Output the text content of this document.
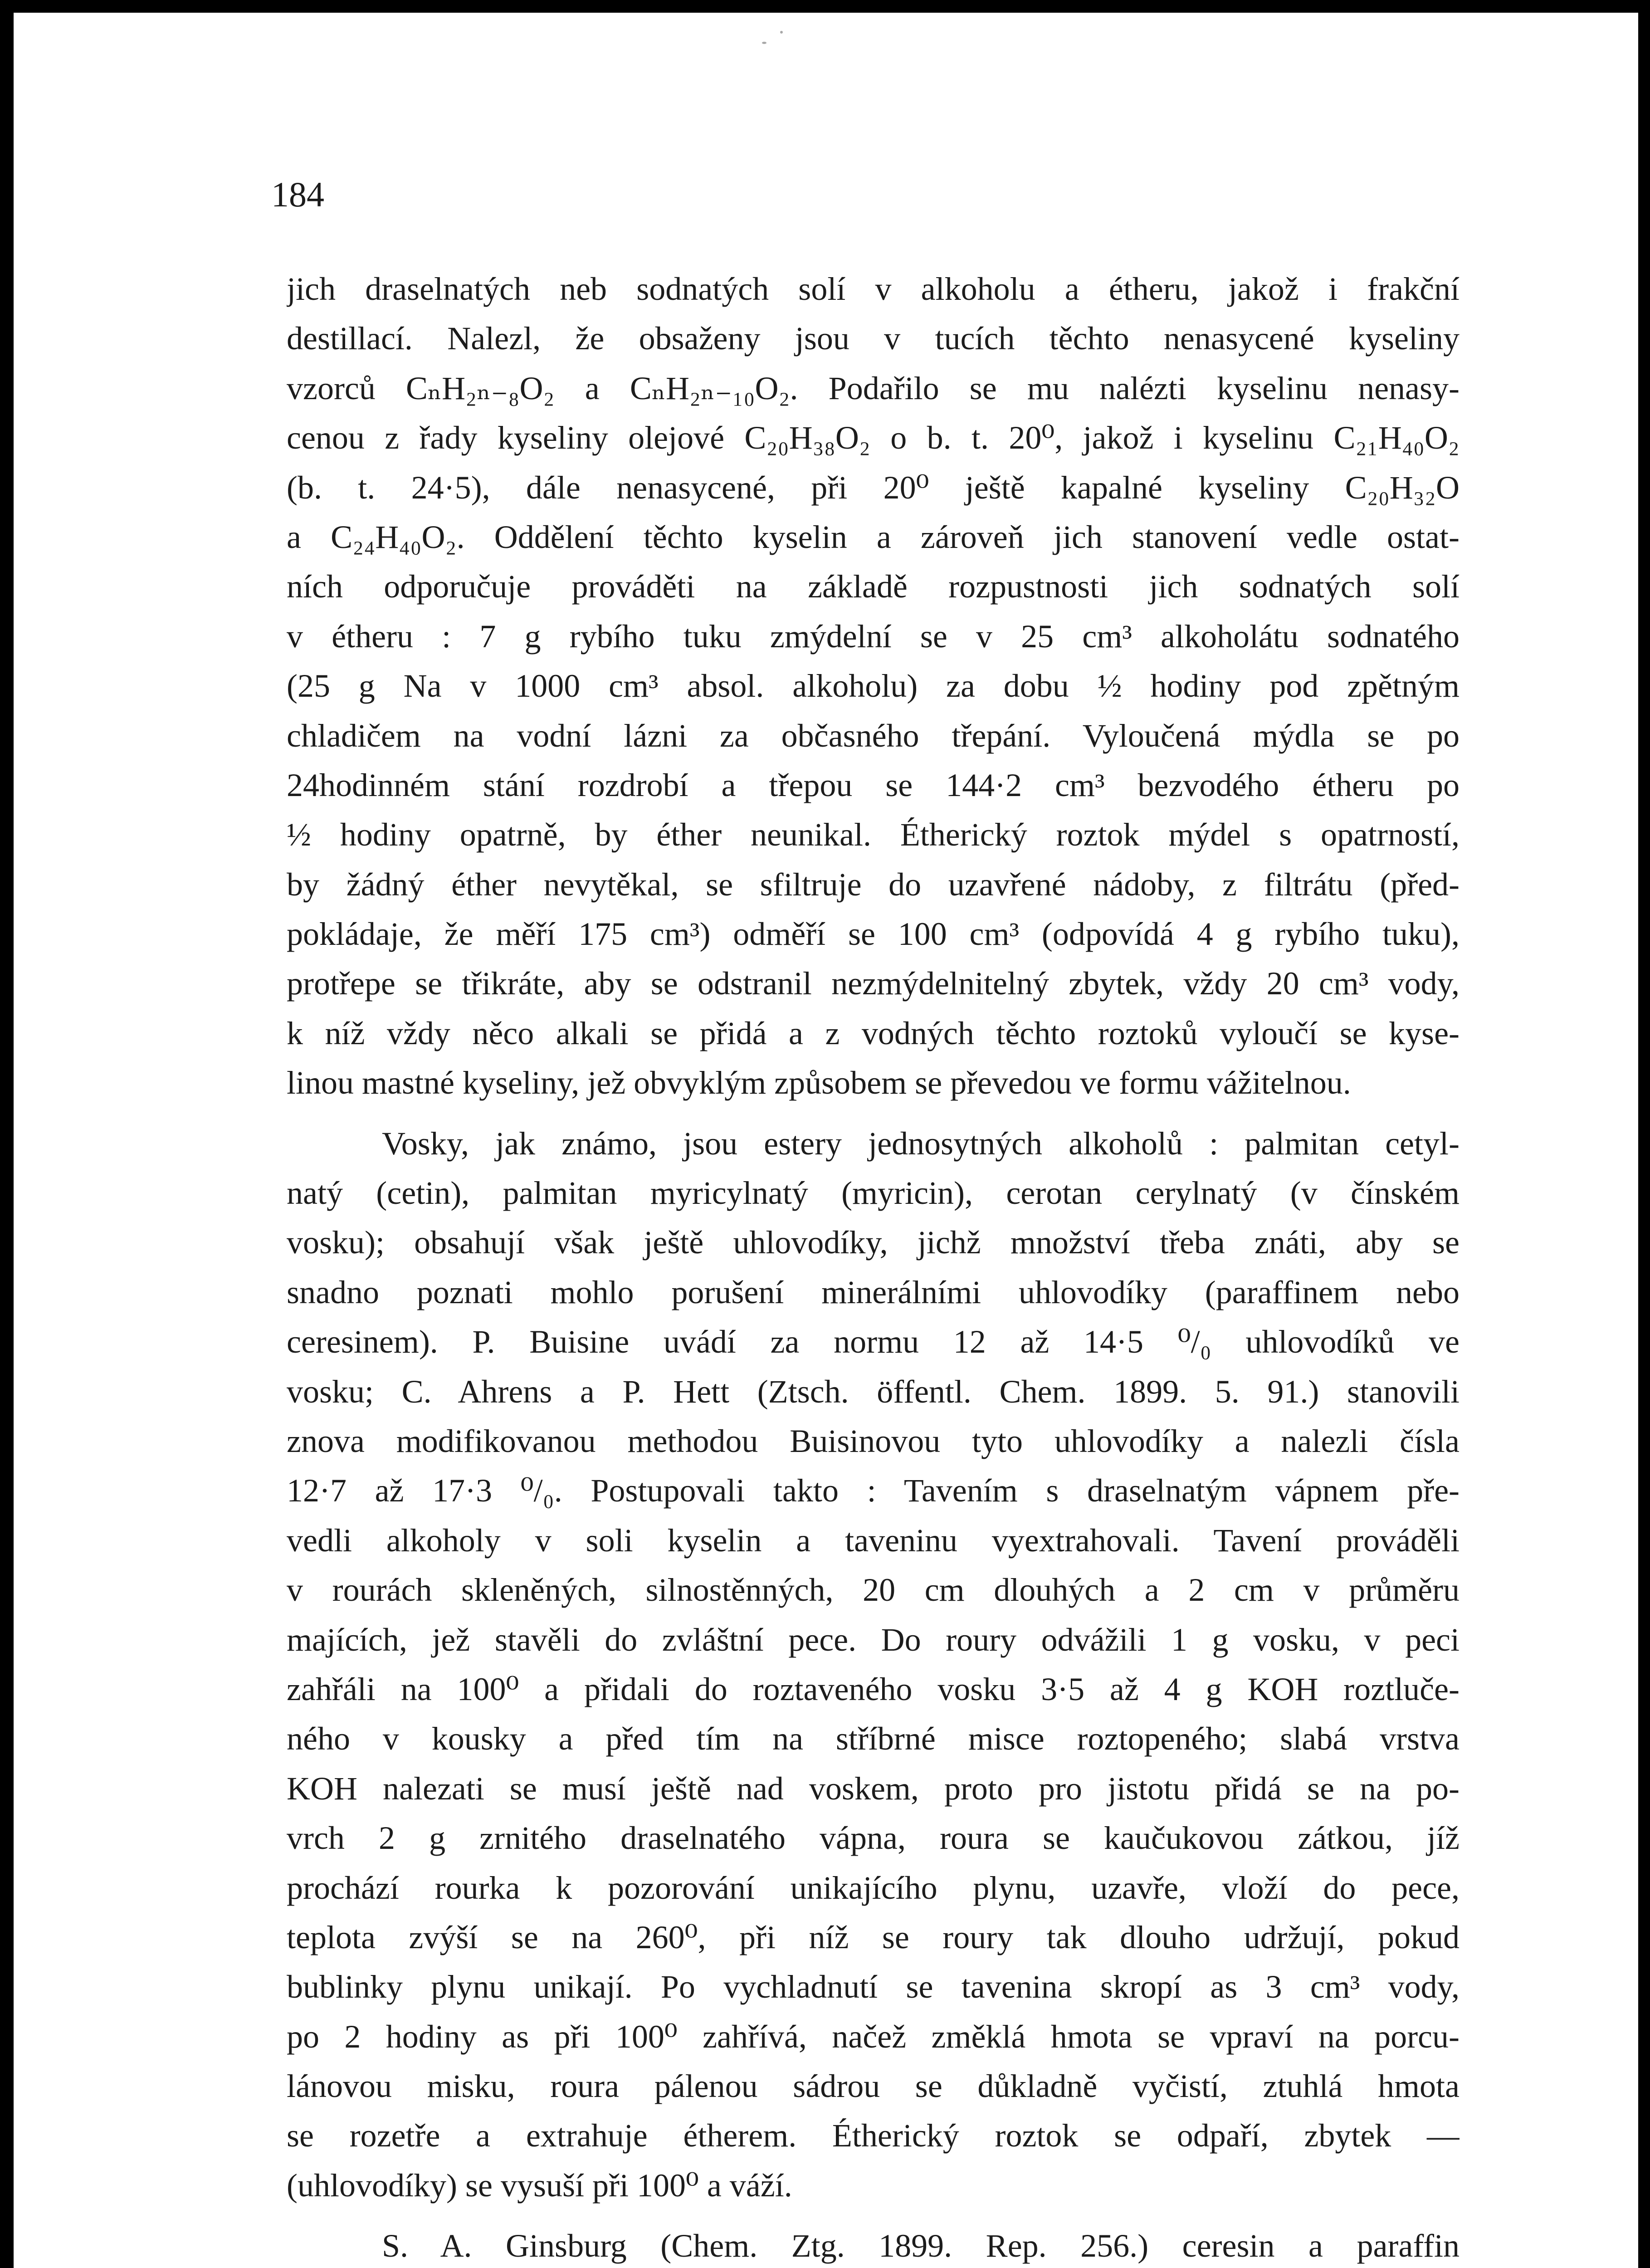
184
jich draselnatých neb sodnatých solí v alkoholu a étheru, jakož i frakční
destillací. Nalezl, že obsaženy jsou v tucích těchto nenasycené kyseliny
vzorců CₙH₂ₙ₋₈O₂ a CₙH₂ₙ₋₁₀O₂. Podařilo se mu nalézti kyselinu nenasy-
cenou z řady kyseliny olejové C₂₀H₃₈O₂ o b. t. 20⁰, jakož i kyselinu C₂₁H₄₀O₂
(b. t. 24·5), dále nenasycené, při 20⁰ ještě kapalné kyseliny C₂₀H₃₂O
a C₂₄H₄₀O₂. Oddělení těchto kyselin a zároveň jich stanovení vedle ostat-
ních odporučuje prováděti na základě rozpustnosti jich sodnatých solí
v étheru : 7 g rybího tuku zmýdelní se v 25 cm³ alkoholátu sodnatého
(25 g Na v 1000 cm³ absol. alkoholu) za dobu ½ hodiny pod zpětným
chladičem na vodní lázni za občasného třepání. Vyloučená mýdla se po
24hodinném stání rozdrobí a třepou se 144·2 cm³ bezvodého étheru po
½ hodiny opatrně, by éther neunikal. Étherický roztok mýdel s opatrností,
by žádný éther nevytěkal, se sfiltruje do uzavřené nádoby, z filtrátu (před-
pokládaje, že měří 175 cm³) odměří se 100 cm³ (odpovídá 4 g rybího tuku),
protřepe se třikráte, aby se odstranil nezmýdelnitelný zbytek, vždy 20 cm³ vody,
k níž vždy něco alkali se přidá a z vodných těchto roztoků vyloučí se kyse-
linou mastné kyseliny, jež obvyklým způsobem se převedou ve formu vážitelnou.
Vosky, jak známo, jsou estery jednosytných alkoholů : palmitan cetyl-
natý (cetin), palmitan myricylnatý (myricin), cerotan cerylnatý (v čínském
vosku); obsahují však ještě uhlovodíky, jichž množství třeba znáti, aby se
snadno poznati mohlo porušení minerálními uhlovodíky (paraffinem nebo
ceresinem). P. Buisine uvádí za normu 12 až 14·5 ⁰/₀ uhlovodíků ve
vosku; C. Ahrens a P. Hett (Ztsch. öffentl. Chem. 1899. 5. 91.) stanovili
znova modifikovanou methodou Buisinovou tyto uhlovodíky a nalezli čísla
12·7 až 17·3 ⁰/₀. Postupovali takto : Tavením s draselnatým vápnem pře-
vedli alkoholy v soli kyselin a taveninu vyextrahovali. Tavení prováděli
v rourách skleněných, silnostěnných, 20 cm dlouhých a 2 cm v průměru
majících, jež stavěli do zvláštní pece. Do roury odvážili 1 g vosku, v peci
zahřáli na 100⁰ a přidali do roztaveného vosku 3·5 až 4 g KOH roztluče-
ného v kousky a před tím na stříbrné misce roztopeného; slabá vrstva
KOH nalezati se musí ještě nad voskem, proto pro jistotu přidá se na po-
vrch 2 g zrnitého draselnatého vápna, roura se kaučukovou zátkou, jíž
prochází rourka k pozorování unikajícího plynu, uzavře, vloží do pece,
teplota zvýší se na 260⁰, při níž se roury tak dlouho udržují, pokud
bublinky plynu unikají. Po vychladnutí se tavenina skropí as 3 cm³ vody,
po 2 hodiny as při 100⁰ zahřívá, načež změklá hmota se vpraví na porcu-
lánovou misku, roura pálenou sádrou se důkladně vyčistí, ztuhlá hmota
se rozetře a extrahuje étherem. Étherický roztok se odpaří, zbytek —
(uhlovodíky) se vysuší při 100⁰ a váží.
S. A. Ginsburg (Chem. Ztg. 1899. Rep. 256.) ceresin a paraffin
